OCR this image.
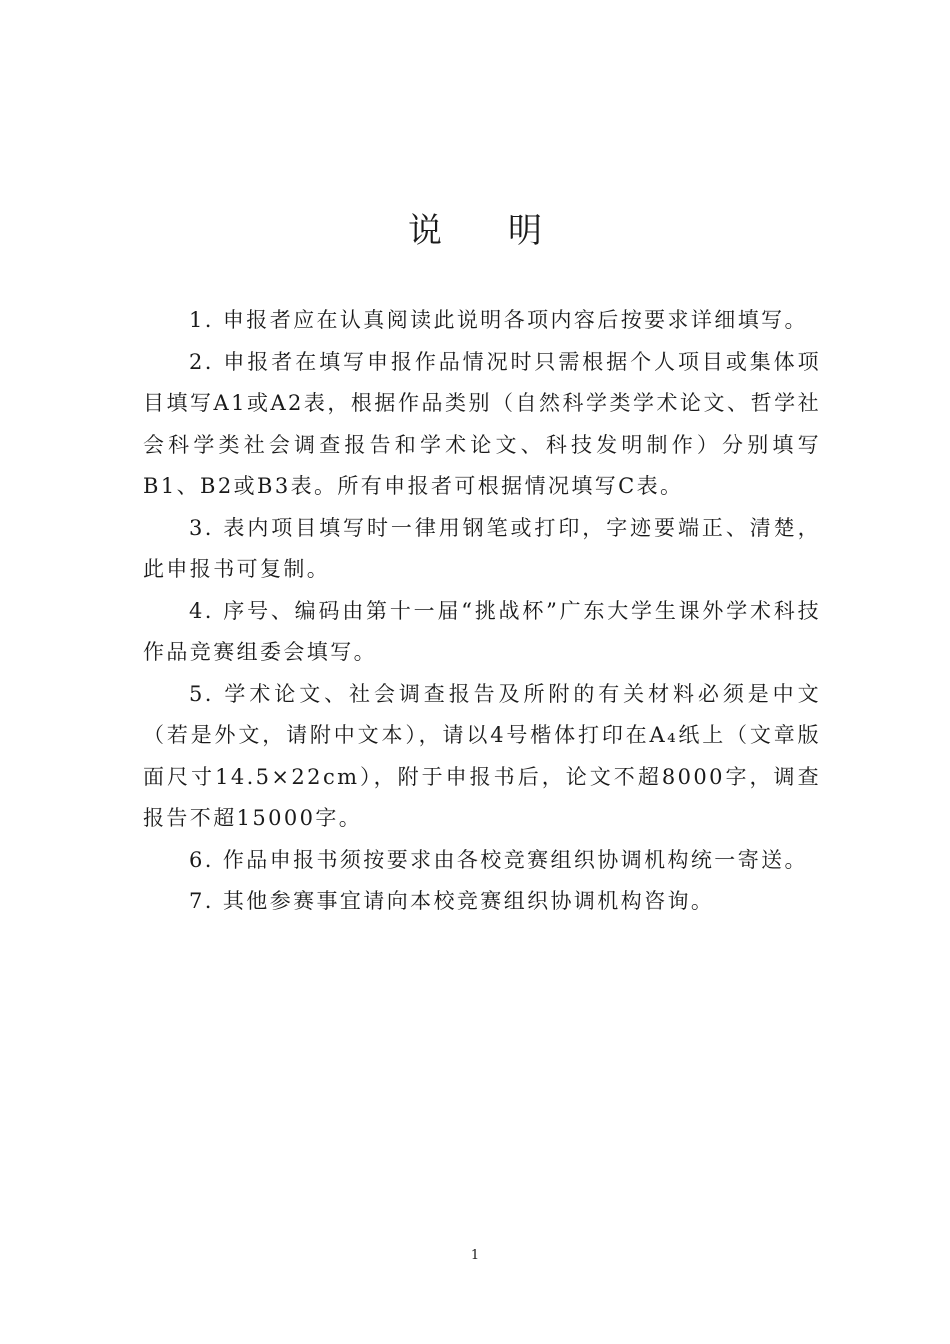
说明

1. 申报者应在认真阅读此说明各项内容后按要求详细填写。

2. 申报者在填写申报作品情况时只需根据个人项目或集体项目填写A1或A2表，根据作品类别（自然科学类学术论文、哲学社会科学类社会调查报告和学术论文、科技发明制作）分别填写B1、B2或B3表。所有申报者可根据情况填写C表。

3. 表内项目填写时一律用钢笔或打印，字迹要端正、清楚，此申报书可复制。

4. 序号、编码由第十一届“挑战杯”广东大学生课外学术科技作品竞赛组委会填写。

5. 学术论文、社会调查报告及所附的有关材料必须是中文（若是外文，请附中文本），请以4号楷体打印在A₄纸上（文章版面尺寸14.5×22cm），附于申报书后，论文不超8000字，调查报告不超15000字。

6. 作品申报书须按要求由各校竞赛组织协调机构统一寄送。

7. 其他参赛事宜请向本校竞赛组织协调机构咨询。

1
